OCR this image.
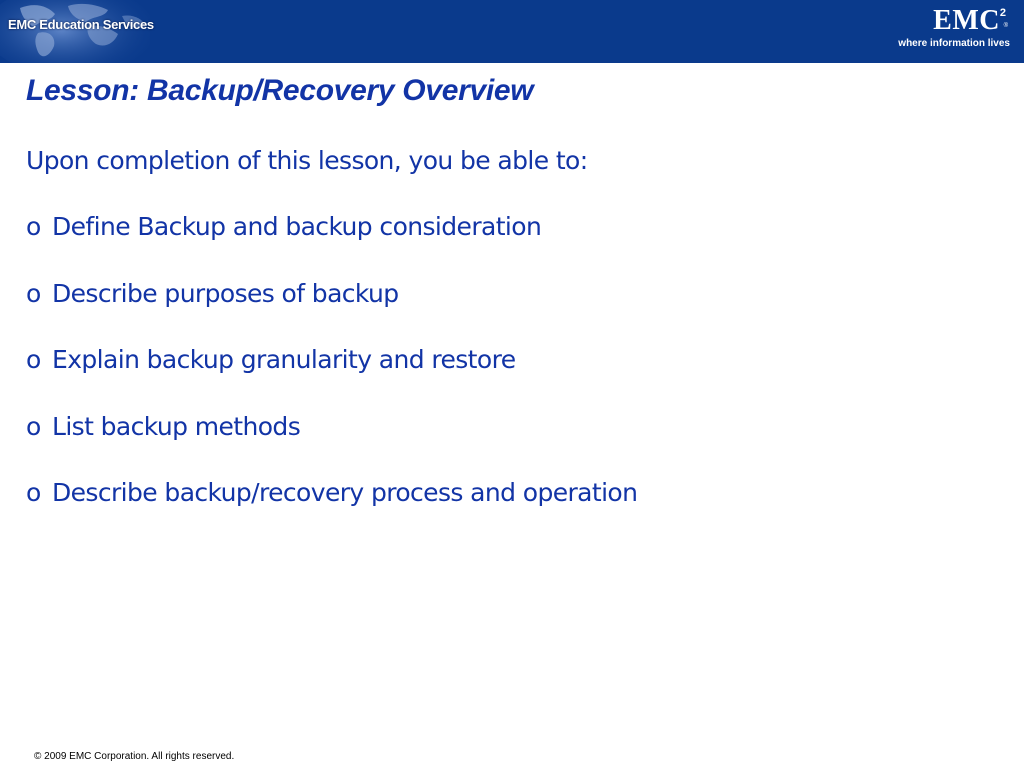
EMC Education Services	EMC 2
®
where information lives
Lesson: Backup/Recovery Overview
Upon completion of this lesson, you be able to:
o Define Backup and backup consideration
o Describe purposes of backup
o Explain backup granularity and restore
o List backup methods
o Describe backup/recovery process and operation
© 2009 EMC Corporation. All rights reserved.
